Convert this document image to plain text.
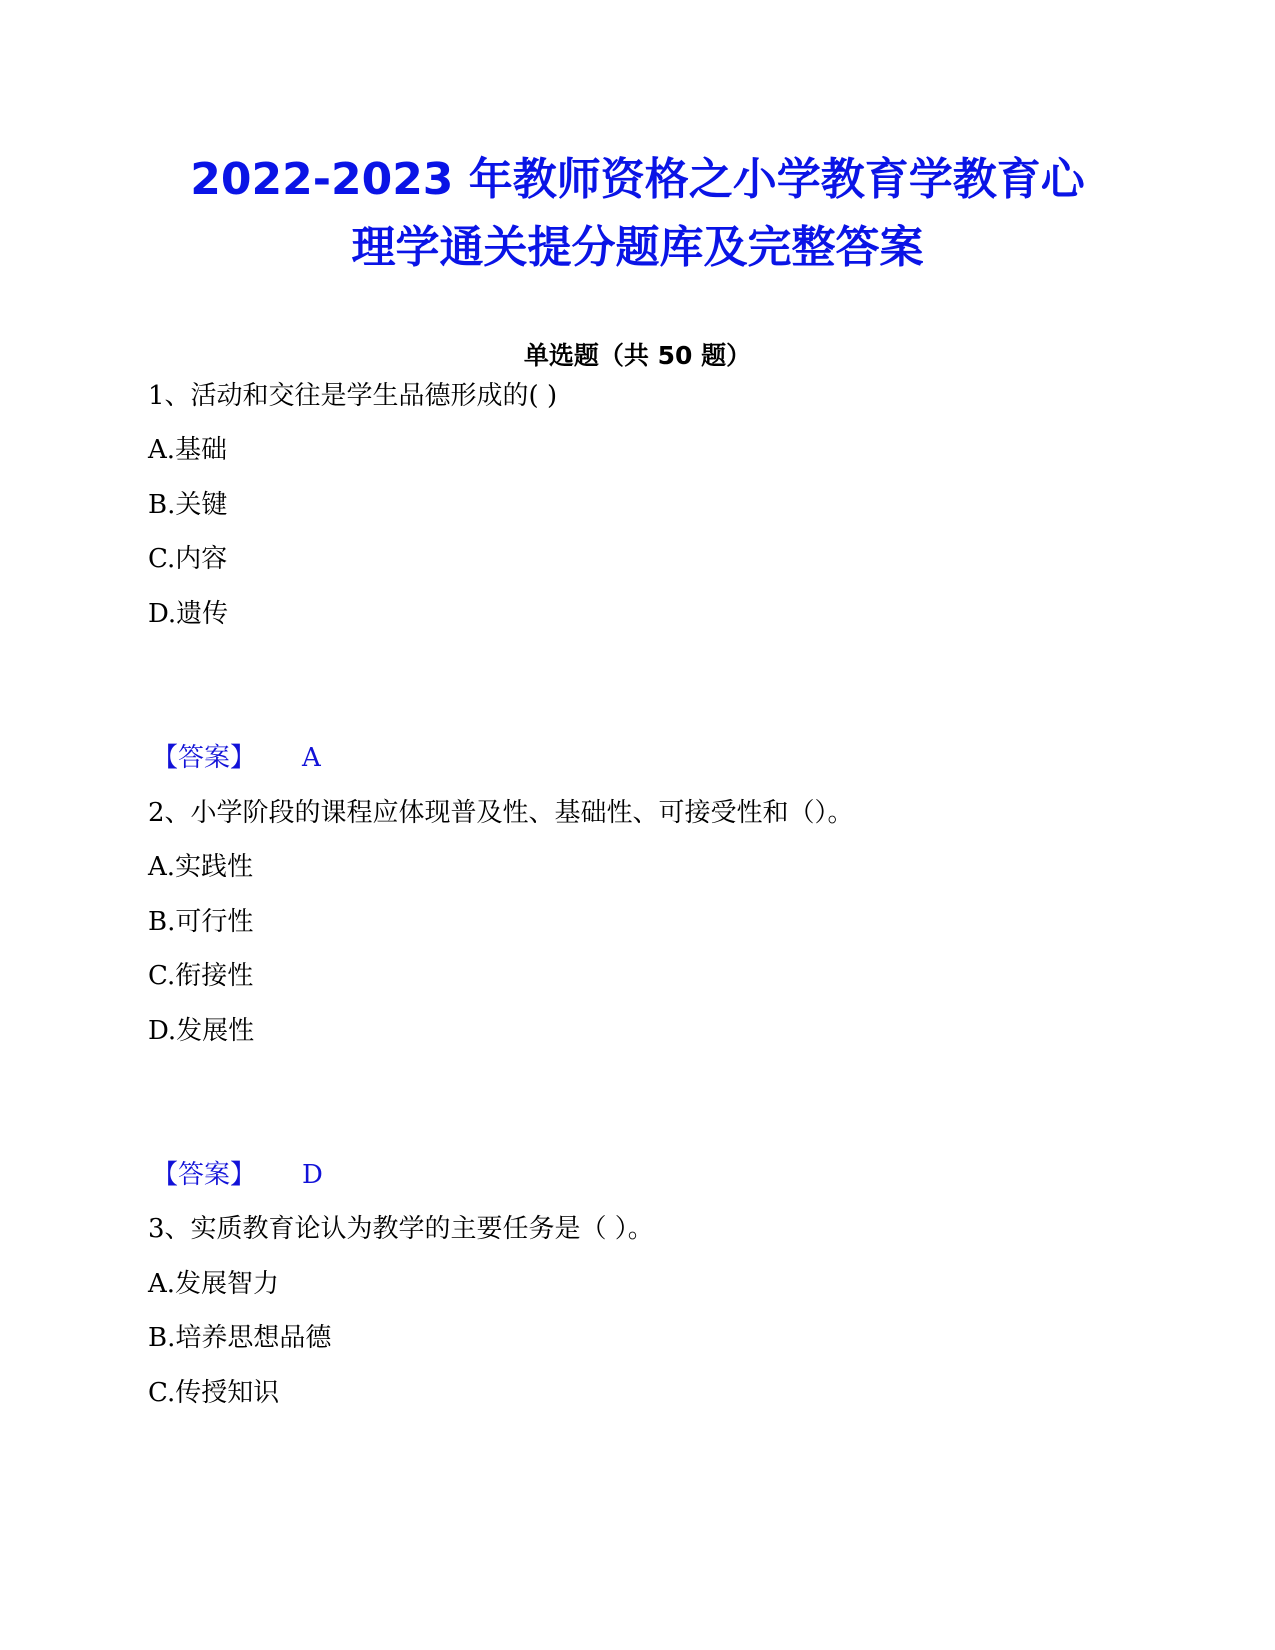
2022-2023 年教师资格之小学教育学教育心
理学通关提分题库及完整答案
单选题（共 50 题）
1、活动和交往是学生品德形成的( )
A.基础
B.关键
C.内容
D.遗传
【答案】 A
2、小学阶段的课程应体现普及性、基础性、可接受性和（）。
A.实践性
B.可行性
C.衔接性
D.发展性
【答案】 D
3、实质教育论认为教学的主要任务是（ ）。
A.发展智力
B.培养思想品德
C.传授知识
